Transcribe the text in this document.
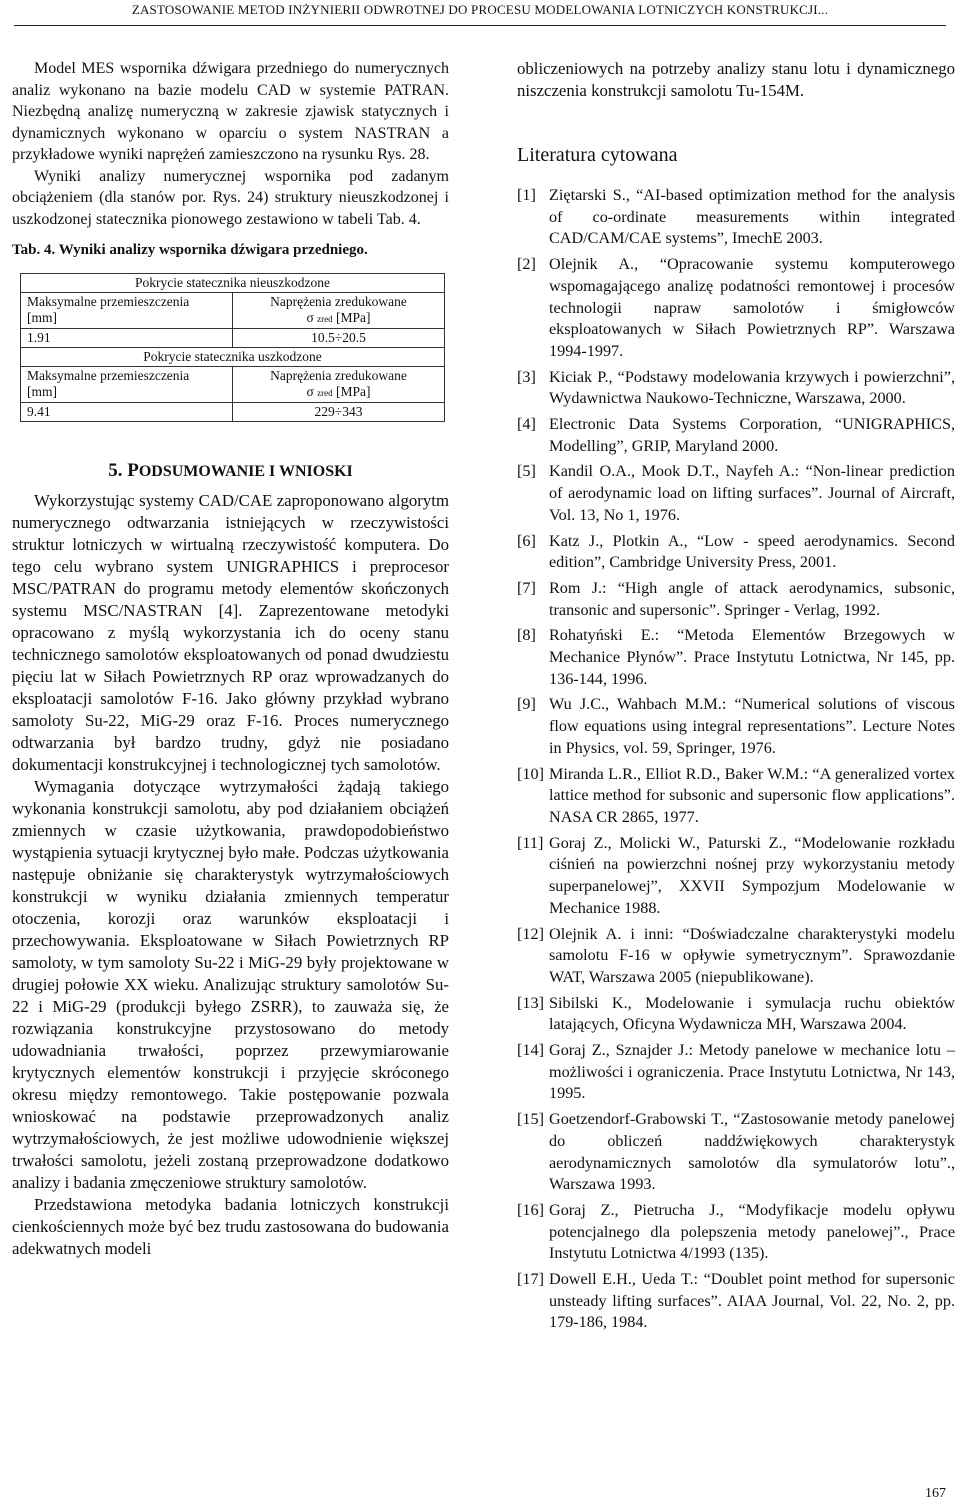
ZASTOSOWANIE METOD INŻYNIERII ODWROTNEJ DO PROCESU MODELOWANIA LOTNICZYCH KONSTRUKCJI...

Model MES wspornika dźwigara przedniego do numerycznych analiz wykonano na bazie modelu CAD w systemie PATRAN. Niezbędną analizę numeryczną w zakresie zjawisk statycznych i dynamicznych wykonano w oparciu o system NASTRAN a przykładowe wyniki naprężeń zamieszczono na rysunku Rys. 28.

Wyniki analizy numerycznej wspornika pod zadanym obciążeniem (dla stanów por. Rys. 24) struktury nieuszkodzonej i uszkodzonej statecznika pionowego zestawiono w tabeli Tab. 4.

Tab. 4. Wyniki analizy wspornika dźwigara przedniego.
Pokrycie statecznika nieuszkodzone	
Maksymalne przemieszczenia
[mm]	Naprężenia zredukowane
σ zred [MPa]
1.91	10.5÷20.5
Pokrycie statecznika uszkodzone	
Maksymalne przemieszczenia
[mm]	Naprężenia zredukowane
σ zred [MPa]
9.41	229÷343
5. PODSUMOWANIE I WNIOSKI

Wykorzystując systemy CAD/CAE zaproponowano algorytm numerycznego odtwarzania istniejących w rzeczywistości struktur lotniczych w wirtualną rzeczywistość komputera. Do tego celu wybrano system UNIGRAPHICS i preprocesor MSC/PATRAN do programu metody elementów skończonych systemu MSC/NASTRAN [4]. Zaprezentowane metodyki opracowano z myślą wykorzystania ich do oceny stanu technicznego samolotów eksploatowanych od ponad dwudziestu pięciu lat w Siłach Powietrznych RP oraz wprowadzanych do eksploatacji samolotów F-16. Jako główny przykład wybrano samoloty Su-22, MiG-29 oraz F-16. Proces numerycznego odtwarzania był bardzo trudny, gdyż nie posiadano dokumentacji konstrukcyjnej i technologicznej tych samolotów.

Wymagania dotyczące wytrzymałości żądają takiego wykonania konstrukcji samolotu, aby pod działaniem obciążeń zmiennych w czasie użytkowania, prawdopodobieństwo wystąpienia sytuacji krytycznej było małe. Podczas użytkowania następuje obniżanie się charakterystyk wytrzymałościowych konstrukcji w wyniku działania zmiennych temperatur otoczenia, korozji oraz warunków eksploatacji i przechowywania. Eksploatowane w Siłach Powietrznych RP samoloty, w tym samoloty Su-22 i MiG-29 były projektowane w drugiej połowie XX wieku. Analizując struktury samolotów Su-22 i MiG-29 (produkcji byłego ZSRR), to zauważa się, że rozwiązania konstrukcyjne przystosowano do metody udowadniania trwałości, poprzez przewymiarowanie krytycznych elementów konstrukcji i przyjęcie skróconego okresu między remontowego. Takie postępowanie pozwala wnioskować na podstawie przeprowadzonych analiz wytrzymałościowych, że jest możliwe udowodnienie większej trwałości samolotu, jeżeli zostaną przeprowadzone dodatkowo analizy i badania zmęczeniowe struktury samolotów.

Przedstawiona metodyka badania lotniczych konstrukcji cienkościennych może być bez trudu zastosowana do budowania adekwatnych modeli

obliczeniowych na potrzeby analizy stanu lotu i dynamicznego niszczenia konstrukcji samolotu Tu-154M.

Literatura cytowana
[1] Ziętarski S., “AI-based optimization method for the analysis of co-ordinate measurements within integrated CAD/CAM/CAE systems”, ImechE 2003.
[2] Olejnik A., “Opracowanie systemu komputerowego wspomagającego analizę podatności remontowej i procesów technologii napraw samolotów i śmigłowców eksploatowanych w Siłach Powietrznych RP”. Warszawa 1994-1997.
[3] Kiciak P., “Podstawy modelowania krzywych i powierzchni”, Wydawnictwa Naukowo-Techniczne, Warszawa, 2000.
[4] Electronic Data Systems Corporation, “UNIGRAPHICS, Modelling”, GRIP, Maryland 2000.
[5] Kandil O.A., Mook D.T., Nayfeh A.: “Non-linear prediction of aerodynamic load on lifting surfaces”. Journal of Aircraft, Vol. 13, No 1, 1976.
[6] Katz J., Plotkin A., “Low - speed aerodynamics. Second edition”, Cambridge University Press, 2001.
[7] Rom J.: “High angle of attack aerodynamics, subsonic, transonic and supersonic”. Springer - Verlag, 1992.
[8] Rohatyński E.: “Metoda Elementów Brzegowych w Mechanice Płynów”. Prace Instytutu Lotnictwa, Nr 145, pp. 136-144, 1996.
[9] Wu J.C., Wahbach M.M.: “Numerical solutions of viscous flow equations using integral representations”. Lecture Notes in Physics, vol. 59, Springer, 1976.
[10] Miranda L.R., Elliot R.D., Baker W.M.: “A generalized vortex lattice method for subsonic and supersonic flow applications”. NASA CR 2865, 1977.
[11] Goraj Z., Molicki W., Paturski Z., “Modelowanie rozkładu ciśnień na powierzchni nośnej przy wykorzystaniu metody superpanelowej”, XXVII Sympozjum Modelowanie w Mechanice 1988.
[12] Olejnik A. i inni: “Doświadczalne charakterystyki modelu samolotu F-16 w opływie symetrycznym”. Sprawozdanie WAT, Warszawa 2005 (niepublikowane).
[13] Sibilski K., Modelowanie i symulacja ruchu obiektów latających, Oficyna Wydawnicza MH, Warszawa 2004.
[14] Goraj Z., Sznajder J.: Metody panelowe w mechanice lotu – możliwości i ograniczenia. Prace Instytutu Lotnictwa, Nr 143, 1995.
[15] Goetzendorf-Grabowski T., “Zastosowanie metody panelowej do obliczeń naddźwiękowych charakterystyk aerodynamicznych samolotów dla symulatorów lotu”., Warszawa 1993.
[16] Goraj Z., Pietrucha J., “Modyfikacje modelu opływu potencjalnego dla polepszenia metody panelowej”., Prace Instytutu Lotnictwa 4/1993 (135).
[17] Dowell E.H., Ueda T.: “Doublet point method for supersonic unsteady lifting surfaces”. AIAA Journal, Vol. 22, No. 2, pp. 179-186, 1984.
167
